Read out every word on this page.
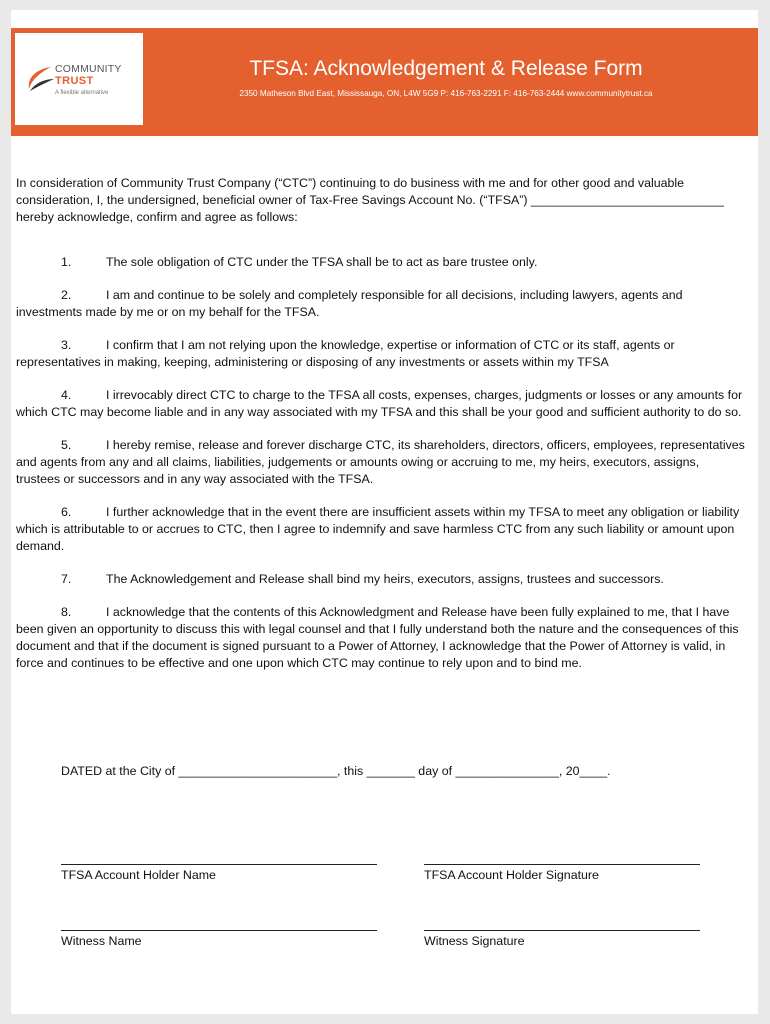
COMMUNITY
TRUST
A flexible alternative
TFSA: Acknowledgement & Release Form
2350 Matheson Blvd East, Mississauga, ON, L4W 5G9 P: 416-763-2291 F: 416-763-2444 www.communitytrust.ca

In consideration of Community Trust Company (“CTC”) continuing to do business with me and for other good and valuable consideration, I, the undersigned, beneficial owner of Tax-Free Savings Account No. (“TFSA”) ____________________________ hereby acknowledge, confirm and agree as follows:

1.	The sole obligation of CTC under the TFSA shall be to act as bare trustee only.

2.	I am and continue to be solely and completely responsible for all decisions, including lawyers, agents and investments made by me or on my behalf for the TFSA.

3.	I confirm that I am not relying upon the knowledge, expertise or information of CTC or its staff, agents or representatives in making, keeping, administering or disposing of any investments or assets within my TFSA

4.	I irrevocably direct CTC to charge to the TFSA all costs, expenses, charges, judgments or losses or any amounts for which CTC may become liable and in any way associated with my TFSA and this shall be your good and sufficient authority to do so.

5.	I hereby remise, release and forever discharge CTC, its shareholders, directors, officers, employees, representatives and agents from any and all claims, liabilities, judgements or amounts owing or accruing to me, my heirs, executors, assigns, trustees or successors and in any way associated with the TFSA.

6.	I further acknowledge that in the event there are insufficient assets within my TFSA to meet any obligation or liability which is attributable to or accrues to CTC, then I agree to indemnify and save harmless CTC from any such liability or amount upon demand.

7.	The Acknowledgement and Release shall bind my heirs, executors, assigns, trustees and successors.

8.	I acknowledge that the contents of this Acknowledgment and Release have been fully explained to me, that I have been given an opportunity to discuss this with legal counsel and that I fully understand both the nature and the consequences of this document and that if the document is signed pursuant to a Power of Attorney, I acknowledge that the Power of Attorney is valid, in force and continues to be effective and one upon which CTC may continue to rely upon and to bind me.

DATED at the City of _______________________, this _______ day of _______________, 20____.
TFSA Account Holder Name	TFSA Account Holder Signature
Witness Name	Witness Signature
